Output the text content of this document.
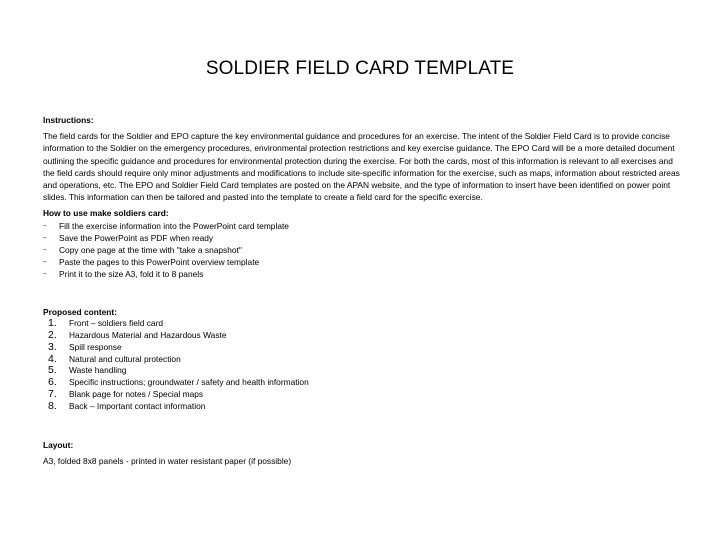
SOLDIER FIELD CARD TEMPLATE

Instructions:

The field cards for the Soldier and EPO capture the key environmental guidance and procedures for an exercise. The intent of the Soldier Field Card is to provide concise information to the Soldier on the emergency procedures, environmental protection restrictions and key exercise guidance. The EPO Card will be a more detailed document outlining the specific guidance and procedures for environmental protection during the exercise. For both the cards, most of this information is relevant to all exercises and the field cards should require only minor adjustments and modifications to include site-specific information for the exercise, such as maps, information about restricted areas and operations, etc. The EPO and Soldier Field Card templates are posted on the APAN website, and the type of information to insert have been identified on power point slides. This information can then be tailored and pasted into the template to create a field card for the specific exercise.

How to use make soldiers card:

–	Fill the exercise information into the PowerPoint card template
–	Save the PowerPoint as PDF when ready
–	Copy one page at the time with "take a snapshot"
–	Paste the pages to this PowerPoint overview template
–	Print it to the size A3, fold it to 8 panels

Proposed content:

1.	Front – soldiers field card
2.	Hazardous Material and Hazardous Waste
3.	Spill response
4.	Natural and cultural protection
5.	Waste handling
6.	Specific instructions; groundwater / safety and health information
7.	Blank page for notes / Special maps
8.	Back – Important contact information

Layout:

A3, folded 8x8 panels - printed in water resistant paper (if possible)
